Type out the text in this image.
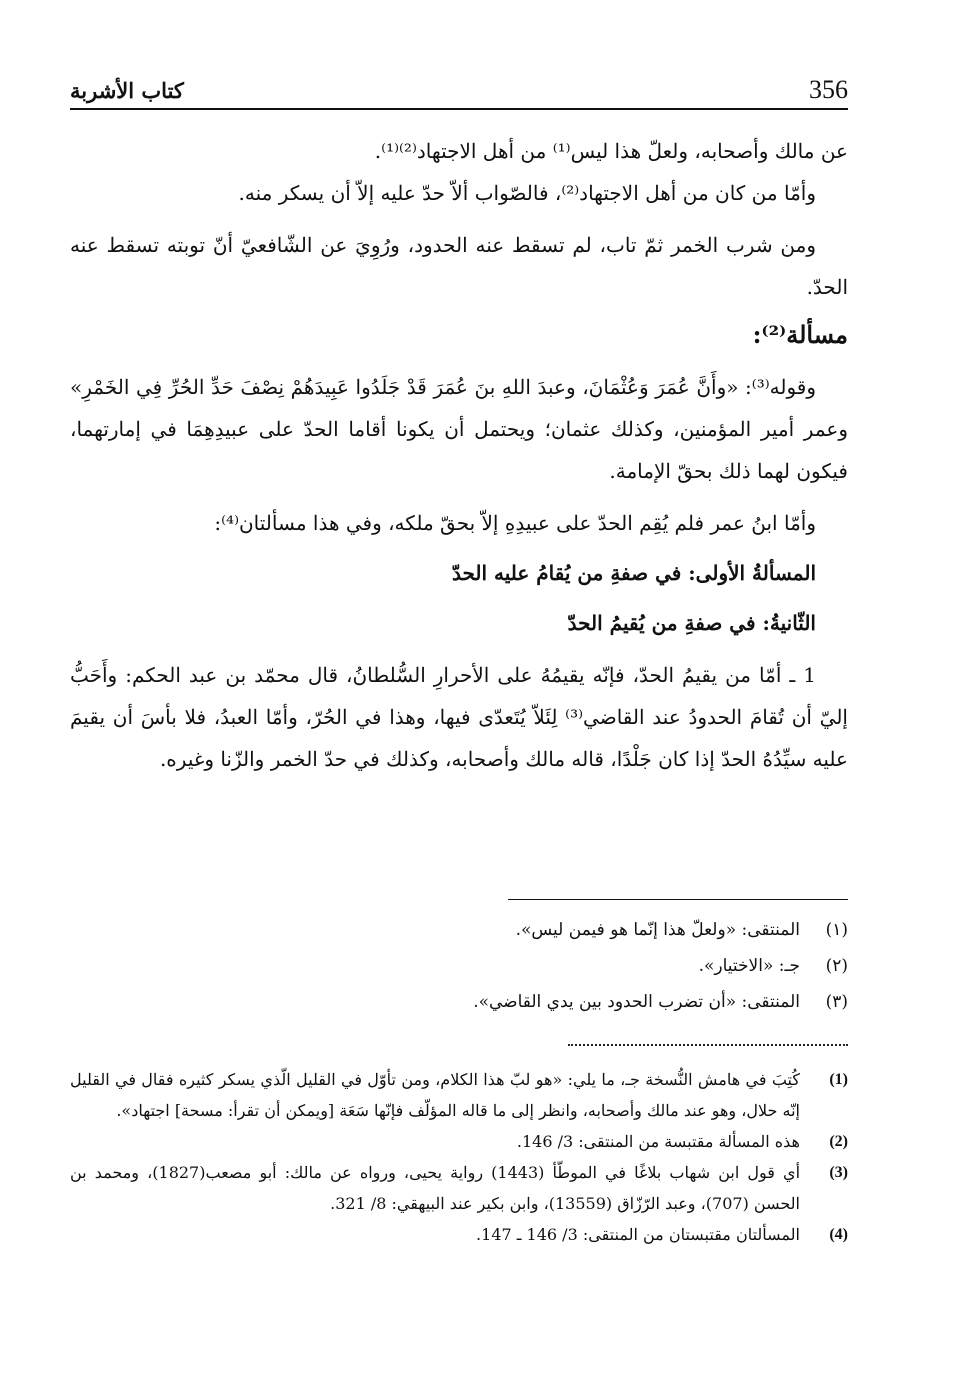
356
كتاب الأشربة

عن مالك وأصحابه، ولعلّ هذا ليس⁽¹⁾ من أهل الاجتهاد⁽²⁾⁽¹⁾.

وأمّا من كان من أهل الاجتهاد⁽²⁾، فالصّواب ألاّ حدّ عليه إلاّ أن يسكر منه.

ومن شرب الخمر ثمّ تاب، لم تسقط عنه الحدود، ورُوِيَ عن الشّافعيّ أنّ توبته تسقط عنه الحدّ.

مسألة⁽²⁾:

وقوله⁽³⁾: «وأَنَّ عُمَرَ وَعُثْمَانَ، وعبدَ اللهِ بنَ عُمَرَ قَدْ جَلَدُوا عَبِيدَهُمْ نِصْفَ حَدِّ الحُرِّ فِي الخَمْرِ» وعمر أمير المؤمنين، وكذلك عثمان؛ ويحتمل أن يكونا أقاما الحدّ على عبيدِهِمَا في إمارتهما، فيكون لهما ذلك بحقّ الإمامة.

وأمّا ابنُ عمر فلم يُقِم الحدّ على عبيدِهِ إلاّ بحقّ ملكه، وفي هذا مسألتان⁽⁴⁾:

المسألةُ الأولى: في صفةِ من يُقامُ عليه الحدّ

الثّانيةُ: في صفةِ من يُقيمُ الحدّ

1 ـ أمّا من يقيمُ الحدّ، فإنّه يقيمُهُ على الأحرارِ السُّلطانُ، قال محمّد بن عبد الحكم: وأَحَبُّ إليّ أن تُقامَ الحدودُ عند القاضي⁽³⁾ لِئَلاّ يُتَعدّى فيها، وهذا في الحُرّ، وأمّا العبدُ، فلا بأسَ أن يقيمَ عليه سيِّدُهُ الحدّ إذا كان جَلْدًا، قاله مالك وأصحابه، وكذلك في حدّ الخمر والزّنا وغيره.

(١)
المنتقى: «ولعلّ هذا إنّما هو فيمن ليس».
(٢)
جـ: «الاختيار».
(٣)
المنتقى: «أن تضرب الحدود بين يدي القاضي».
(1)
كُتِبَ في هامش النُّسخة جـ، ما يلي: «هو لبّ هذا الكلام، ومن تأوّل في القليل الّذي يسكر كثيره فقال في القليل إنّه حلال، وهو عند مالك وأصحابه، وانظر إلى ما قاله المؤلّف فإنّها سَعَة [ويمكن أن تقرأ: مسحة] اجتهاد».
(2)
هذه المسألة مقتبسة من المنتقى: 3/ 146.
(3)
أي قول ابن شهاب بلاغًا في الموطّأ (1443) رواية يحيى، ورواه عن مالك: أبو مصعب(1827)، ومحمد بن الحسن (707)، وعبد الرّزّاق (13559)، وابن بكير عند البيهقي: 8/ 321.
(4)
المسألتان مقتبستان من المنتقى: 3/ 146 ـ 147.
